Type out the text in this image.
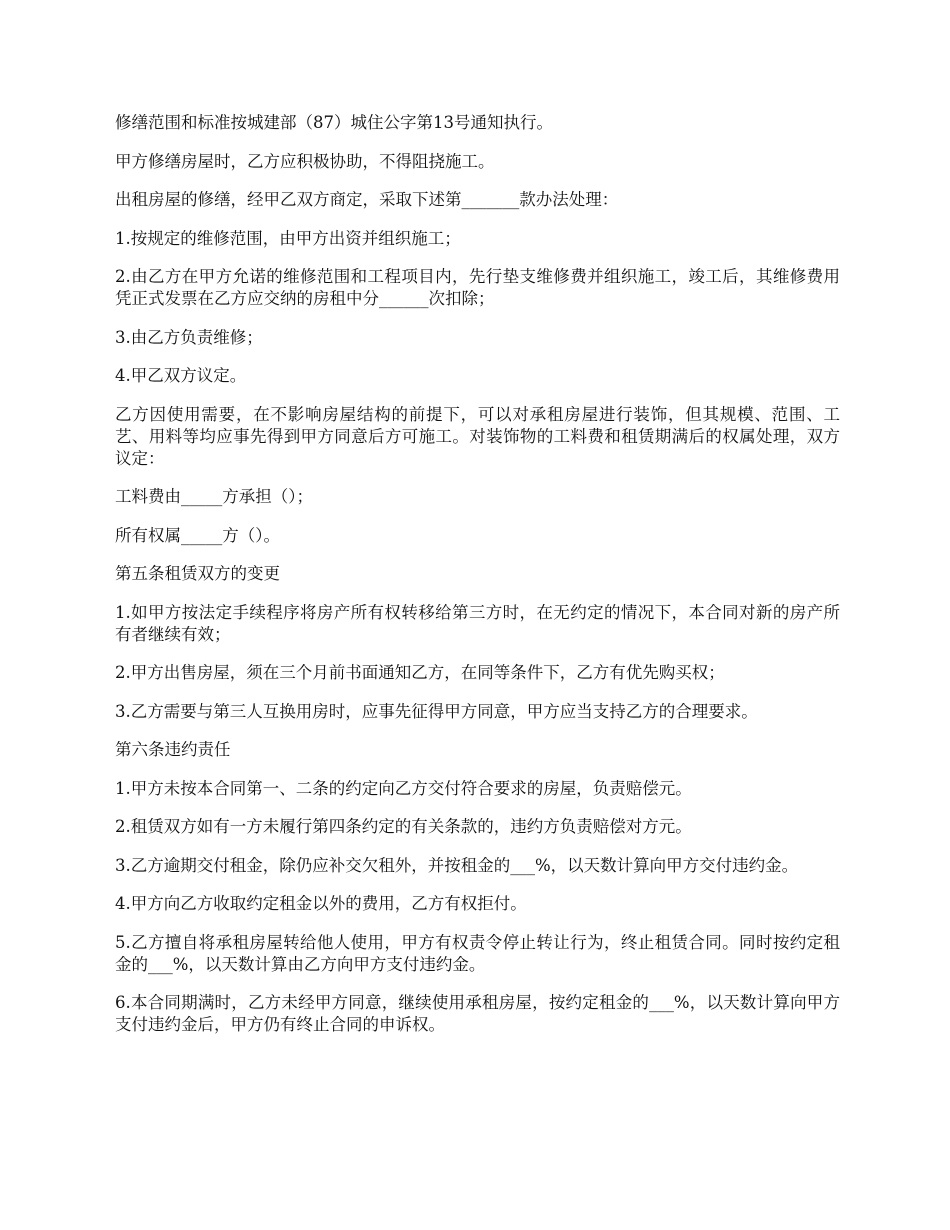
修缮范围和标准按城建部（87）城住公字第13号通知执行。

甲方修缮房屋时，乙方应积极协助，不得阻挠施工。

出租房屋的修缮，经甲乙双方商定，采取下述第_______款办法处理：

1.按规定的维修范围，由甲方出资并组织施工；

2.由乙方在甲方允诺的维修范围和工程项目内，先行垫支维修费并组织施工，竣工后，其维修费用凭正式发票在乙方应交纳的房租中分______次扣除；

3.由乙方负责维修；

4.甲乙双方议定。

乙方因使用需要，在不影响房屋结构的前提下，可以对承租房屋进行装饰，但其规模、范围、工艺、用料等均应事先得到甲方同意后方可施工。对装饰物的工料费和租赁期满后的权属处理，双方议定：

工料费由_____方承担（）；

所有权属_____方（）。

第五条租赁双方的变更

1.如甲方按法定手续程序将房产所有权转移给第三方时，在无约定的情况下，本合同对新的房产所有者继续有效；

2.甲方出售房屋，须在三个月前书面通知乙方，在同等条件下，乙方有优先购买权；

3.乙方需要与第三人互换用房时，应事先征得甲方同意，甲方应当支持乙方的合理要求。

第六条违约责任

1.甲方未按本合同第一、二条的约定向乙方交付符合要求的房屋，负责赔偿元。

2.租赁双方如有一方未履行第四条约定的有关条款的，违约方负责赔偿对方元。

3.乙方逾期交付租金，除仍应补交欠租外，并按租金的___%，以天数计算向甲方交付违约金。

4.甲方向乙方收取约定租金以外的费用，乙方有权拒付。

5.乙方擅自将承租房屋转给他人使用，甲方有权责令停止转让行为，终止租赁合同。同时按约定租金的___%，以天数计算由乙方向甲方支付违约金。

6.本合同期满时，乙方未经甲方同意，继续使用承租房屋，按约定租金的___%，以天数计算向甲方支付违约金后，甲方仍有终止合同的申诉权。
